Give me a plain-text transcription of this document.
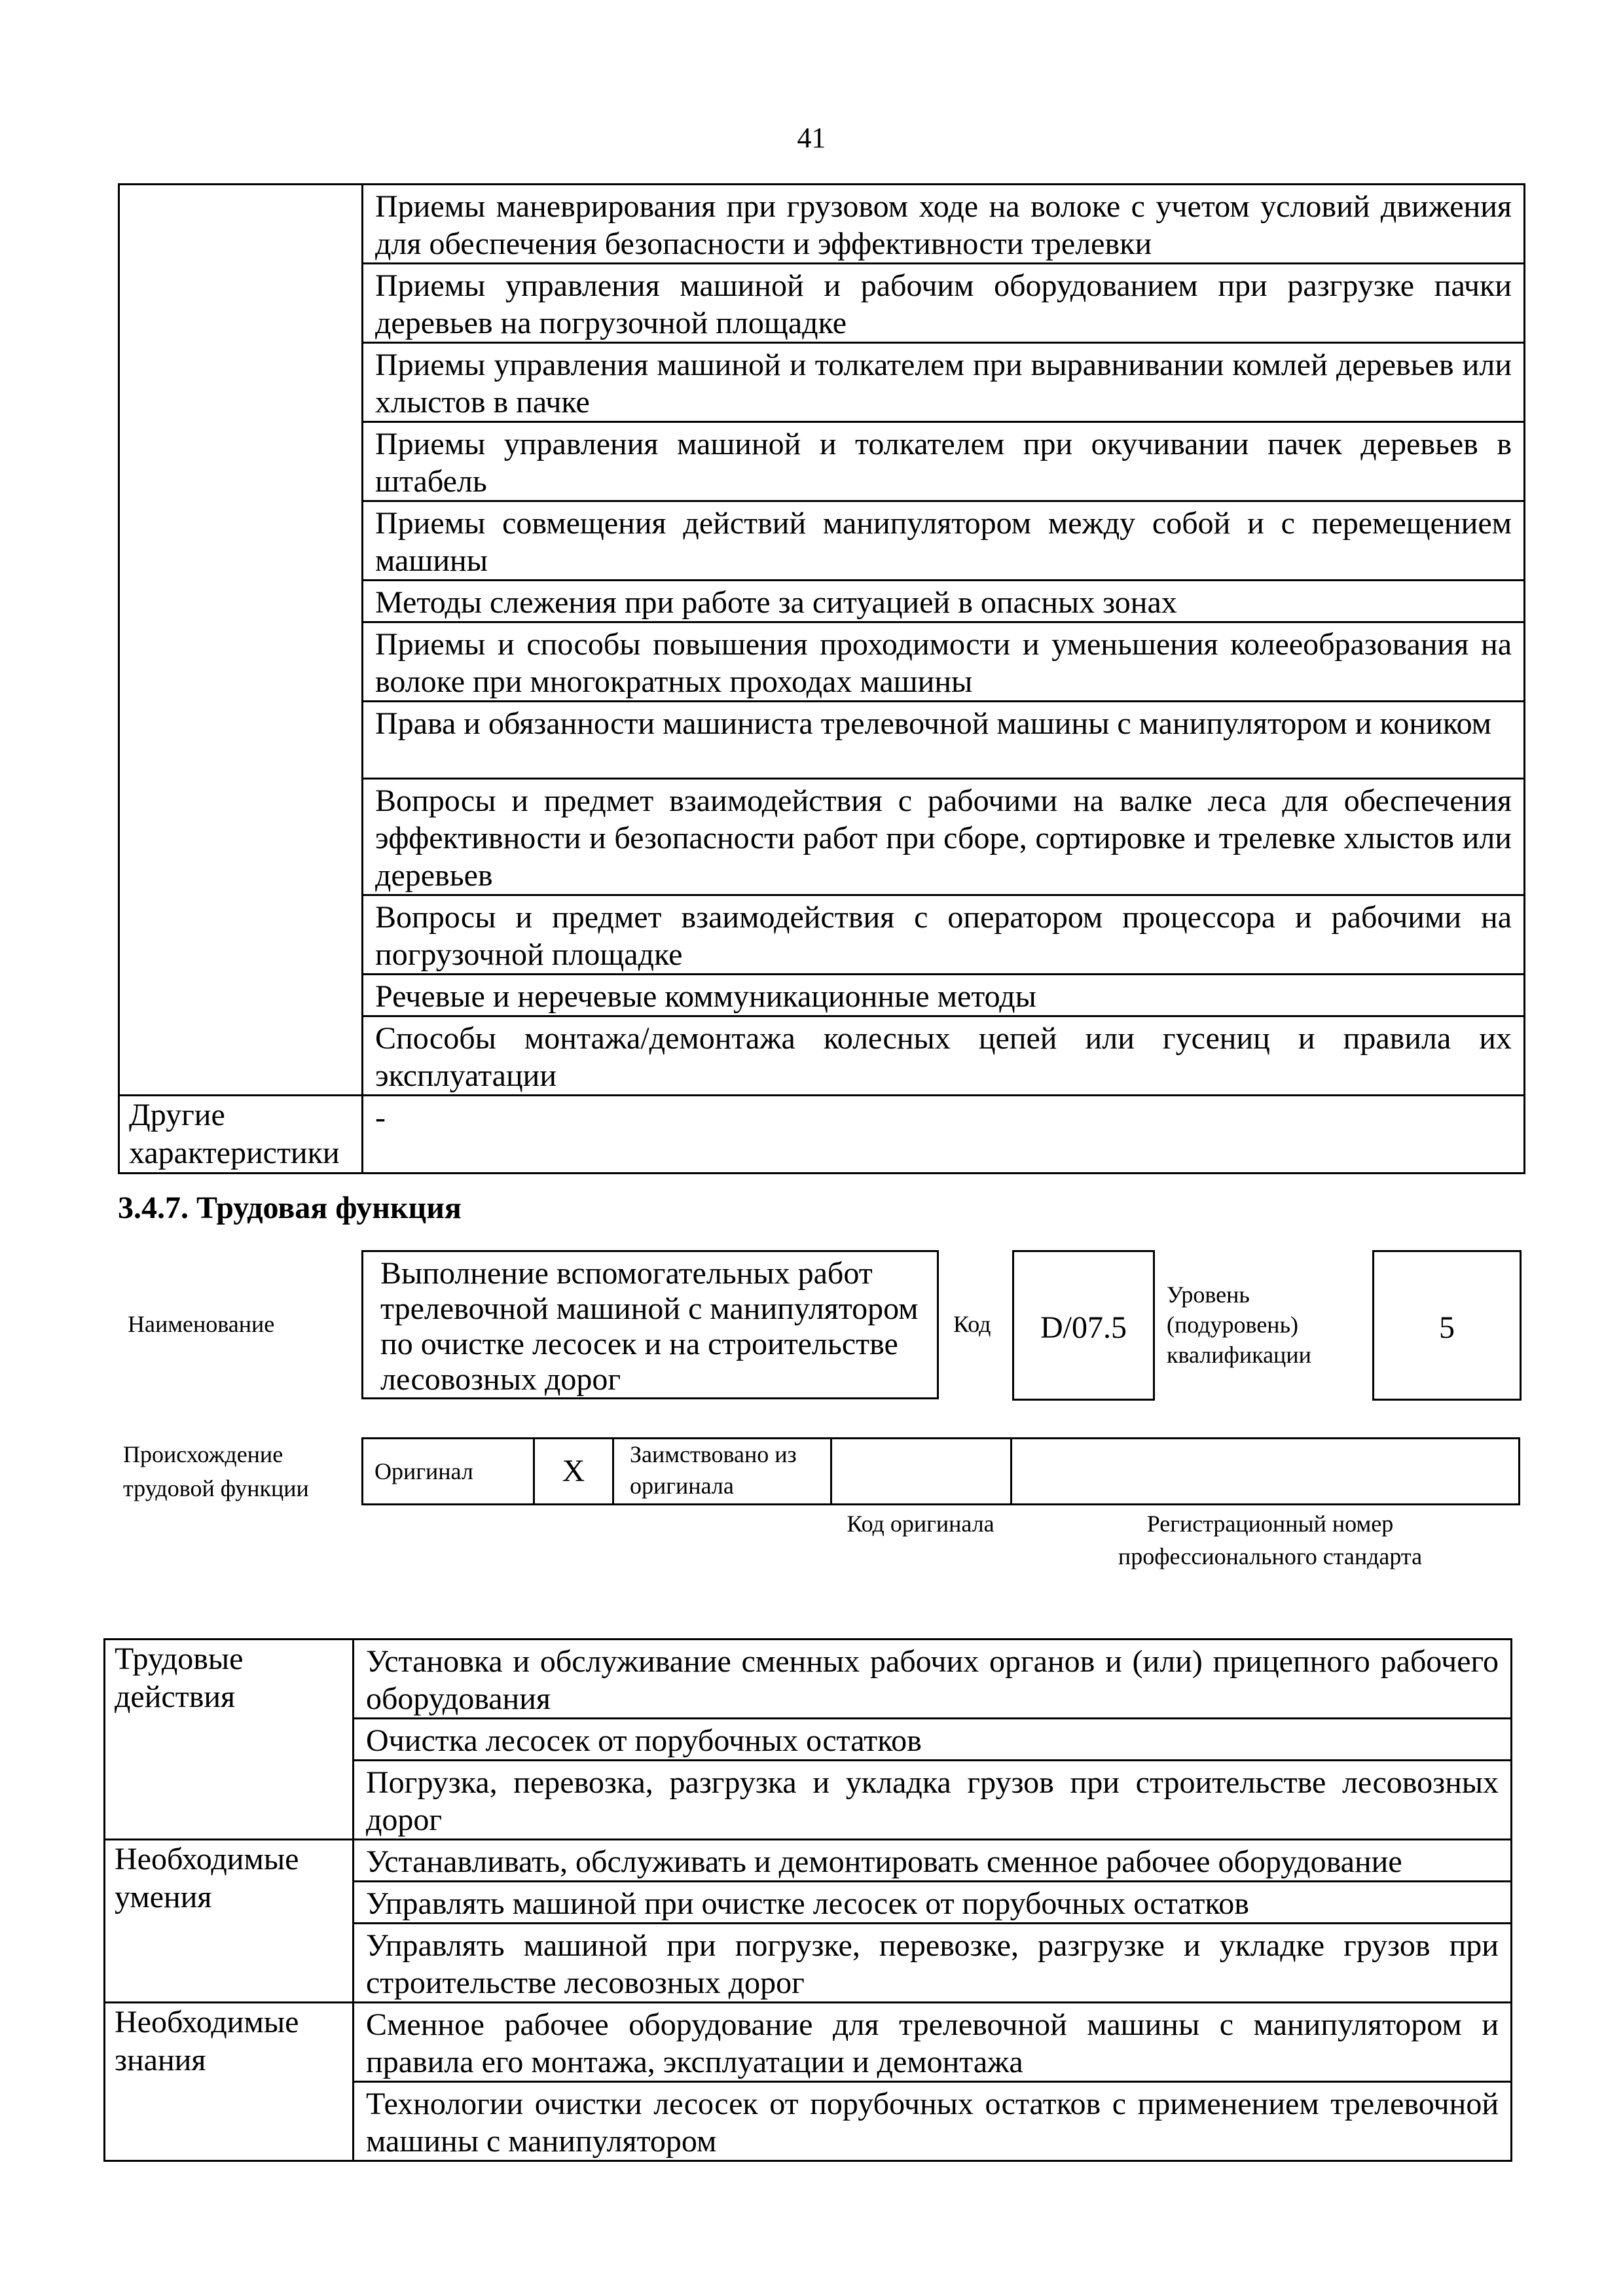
41

	Приемы маневрирования при грузовом ходе на волоке с учетом условий движения для обеспечения безопасности и эффективности трелевки

	Приемы управления машиной и рабочим оборудованием при разгрузке пачки деревьев на погрузочной площадке

	Приемы управления машиной и толкателем при выравнивании комлей деревьев или хлыстов в пачке

	Приемы управления машиной и толкателем при окучивании пачек деревьев в штабель

	Приемы совмещения действий манипулятором между собой и с перемещением машины

	Методы слежения при работе за ситуацией в опасных зонах

	Приемы и способы повышения проходимости и уменьшения колееобразования на волоке при многократных проходах машины

	Права и обязанности машиниста трелевочной машины с манипулятором и коником

	Вопросы и предмет взаимодействия с рабочими на валке леса для обеспечения эффективности и безопасности работ при сборе, сортировке и трелевке хлыстов или деревьев

	Вопросы и предмет взаимодействия с оператором процессора и рабочими на погрузочной площадке

	Речевые и неречевые коммуникационные методы

	Способы монтажа/демонтажа колесных цепей или гусениц и правила их эксплуатации

Другие характеристики	-
3.4.7. Трудовая функция
Наименование
Выполнение вспомогательных работ трелевочной машиной с манипулятором по очистке лесосек и на строительстве лесовозных дорог
Код	D/07.5
Уровень (подуровень) квалификации
5
Происхождение трудовой функции
Оригинал	X	Заимствовано из оригинала
Код оригинала	Регистрационный номер профессионального стандарта
Трудовые действия	Установка и обслуживание сменных рабочих органов и (или) прицепного рабочего оборудования

	Очистка лесосек от порубочных остатков

	Погрузка, перевозка, разгрузка и укладка грузов при строительстве лесовозных дорог

Необходимые умения	Устанавливать, обслуживать и демонтировать сменное рабочее оборудование

	Управлять машиной при очистке лесосек от порубочных остатков

	Управлять машиной при погрузке, перевозке, разгрузке и укладке грузов при строительстве лесовозных дорог

Необходимые знания	Сменное рабочее оборудование для трелевочной машины с манипулятором и правила его монтажа, эксплуатации и демонтажа

	Технологии очистки лесосек от порубочных остатков с применением трелевочной машины с манипулятором
